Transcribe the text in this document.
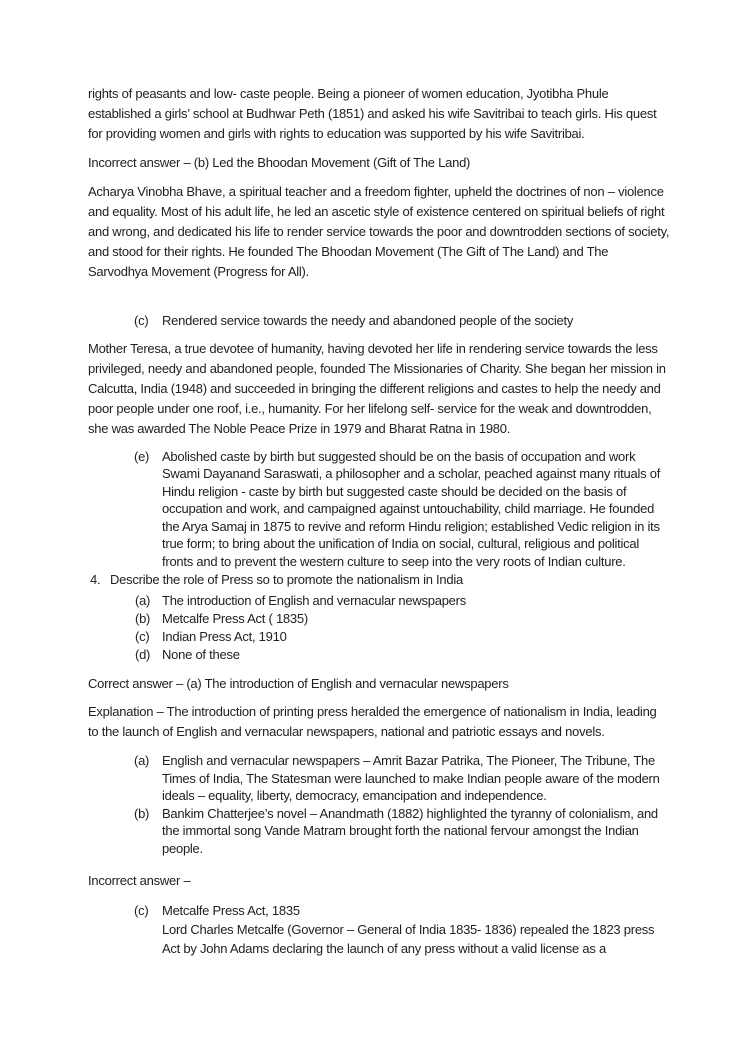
rights of peasants and low- caste people. Being a pioneer of women education, Jyotibha Phule established a girls’ school at Budhwar Peth (1851) and asked his wife Savitribai to teach girls. His quest for providing women and girls with rights to education was supported by his wife Savitribai.

Incorrect answer – (b) Led the Bhoodan Movement (Gift of The Land)

Acharya Vinobha Bhave, a spiritual teacher and a freedom fighter, upheld the doctrines of non – violence and equality. Most of his adult life, he led an ascetic style of existence centered on spiritual beliefs of right and wrong, and dedicated his life to render service towards the poor and downtrodden sections of society, and stood for their rights. He founded The Bhoodan Movement (The Gift of The Land) and The Sarvodhya Movement (Progress for All).

(c)	Rendered service towards the needy and abandoned people of the society

Mother Teresa, a true devotee of humanity, having devoted her life in rendering service towards the less privileged, needy and abandoned people, founded The Missionaries of Charity. She began her mission in Calcutta, India (1948) and succeeded in bringing the different religions and castes to help the needy and poor people under one roof, i.e., humanity. For her lifelong self- service for the weak and downtrodden, she was awarded The Noble Peace Prize in 1979 and Bharat Ratna in 1980.

(e) Abolished caste by birth but suggested should be on the basis of occupation and work
Swami Dayanand Saraswati, a philosopher and a scholar, peached against many rituals of Hindu religion - caste by birth but suggested caste should be decided on the basis of occupation and work, and campaigned against untouchability, child marriage. He founded the Arya Samaj in 1875 to revive and reform Hindu religion; established Vedic religion in its true form; to bring about the unification of India on social, cultural, religious and political fronts and to prevent the western culture to seep into the very roots of Indian culture.
4. Describe the role of Press so to promote the nationalism in India
(a) The introduction of English and vernacular newspapers
(b) Metcalfe Press Act ( 1835)
(c) Indian Press Act, 1910
(d) None of these

Correct answer – (a) The introduction of English and vernacular newspapers

Explanation – The introduction of printing press heralded the emergence of nationalism in India, leading to the launch of English and vernacular newspapers, national and patriotic essays and novels.

(a) English and vernacular newspapers – Amrit Bazar Patrika, The Pioneer, The Tribune, The Times of India, The Statesman were launched to make Indian people aware of the modern ideals – equality, liberty, democracy, emancipation and independence.
(b) Bankim Chatterjee’s novel – Anandmath (1882) highlighted the tyranny of colonialism, and the immortal song Vande Matram brought forth the national fervour amongst the Indian people.

Incorrect answer –

(c)	Metcalfe Press Act, 1835
Lord Charles Metcalfe (Governor – General of India 1835- 1836) repealed the 1823 press Act by John Adams declaring the launch of any press without a valid license as a
